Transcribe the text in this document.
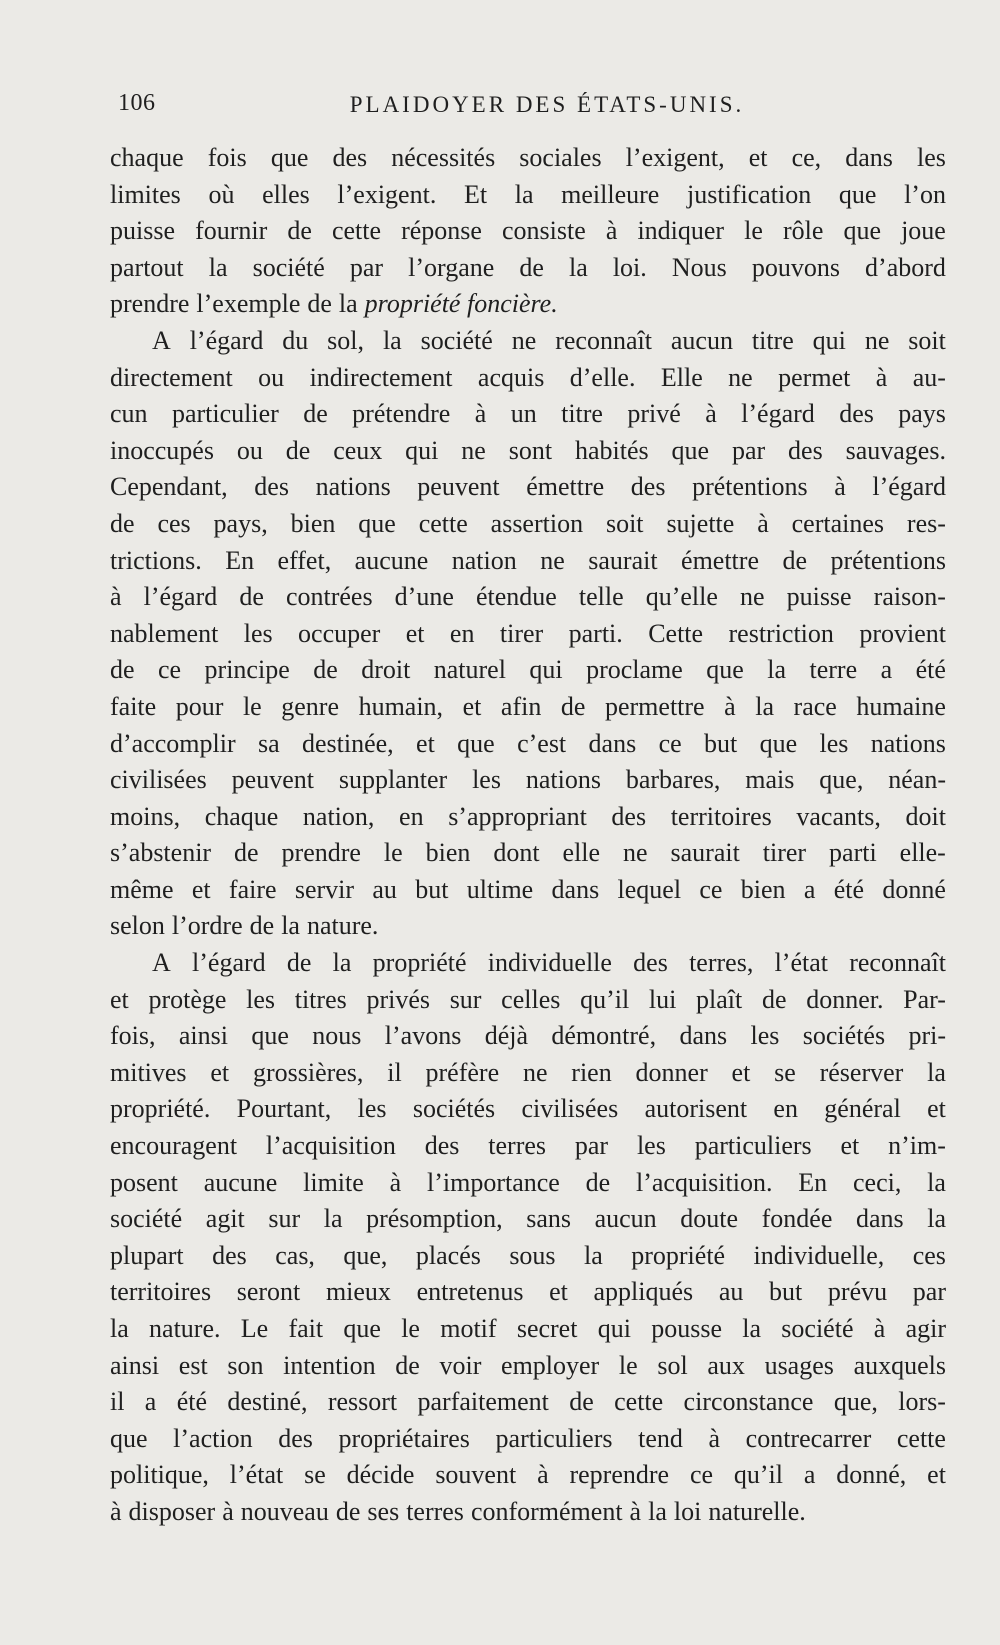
106	PLAIDOYER DES ÉTATS-UNIS.
chaque fois que des nécessités sociales l’exigent, et ce, dans les
limites où elles l’exigent. Et la meilleure justification que l’on
puisse fournir de cette réponse consiste à indiquer le rôle que joue
partout la société par l’organe de la loi. Nous pouvons d’abord
prendre l’exemple de la propriété foncière.
A l’égard du sol, la société ne reconnaît aucun titre qui ne soit
directement ou indirectement acquis d’elle. Elle ne permet à au-
cun particulier de prétendre à un titre privé à l’égard des pays
inoccupés ou de ceux qui ne sont habités que par des sauvages.
Cependant, des nations peuvent émettre des prétentions à l’égard
de ces pays, bien que cette assertion soit sujette à certaines res-
trictions. En effet, aucune nation ne saurait émettre de prétentions
à l’égard de contrées d’une étendue telle qu’elle ne puisse raison-
nablement les occuper et en tirer parti. Cette restriction provient
de ce principe de droit naturel qui proclame que la terre a été
faite pour le genre humain, et afin de permettre à la race humaine
d’accomplir sa destinée, et que c’est dans ce but que les nations
civilisées peuvent supplanter les nations barbares, mais que, néan-
moins, chaque nation, en s’appropriant des territoires vacants, doit
s’abstenir de prendre le bien dont elle ne saurait tirer parti elle-
même et faire servir au but ultime dans lequel ce bien a été donné
selon l’ordre de la nature.
A l’égard de la propriété individuelle des terres, l’état reconnaît
et protège les titres privés sur celles qu’il lui plaît de donner. Par-
fois, ainsi que nous l’avons déjà démontré, dans les sociétés pri-
mitives et grossières, il préfère ne rien donner et se réserver la
propriété. Pourtant, les sociétés civilisées autorisent en général et
encouragent l’acquisition des terres par les particuliers et n’im-
posent aucune limite à l’importance de l’acquisition. En ceci, la
société agit sur la présomption, sans aucun doute fondée dans la
plupart des cas, que, placés sous la propriété individuelle, ces
territoires seront mieux entretenus et appliqués au but prévu par
la nature. Le fait que le motif secret qui pousse la société à agir
ainsi est son intention de voir employer le sol aux usages auxquels
il a été destiné, ressort parfaitement de cette circonstance que, lors-
que l’action des propriétaires particuliers tend à contrecarrer cette
politique, l’état se décide souvent à reprendre ce qu’il a donné, et
à disposer à nouveau de ses terres conformément à la loi naturelle.
